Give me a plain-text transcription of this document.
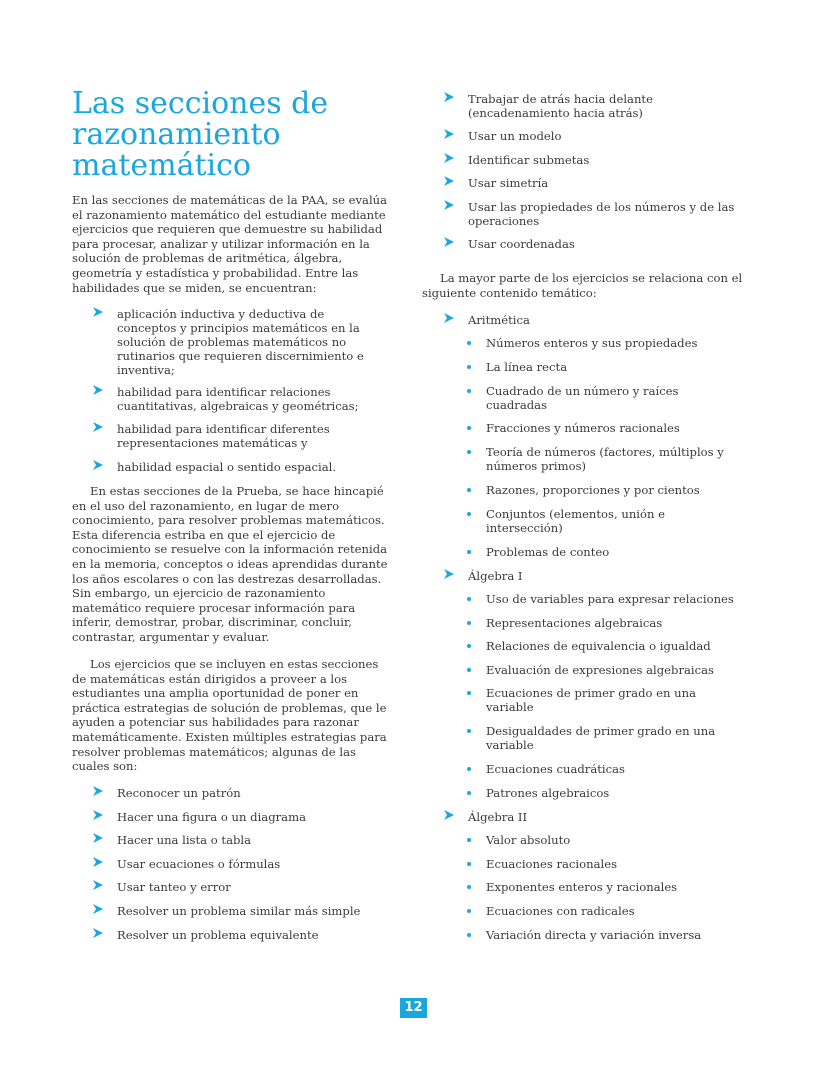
Las secciones de razonamiento matemático

En las secciones de matemáticas de la PAA, se evalúa el razonamiento matemático del estudiante mediante ejercicios que requieren que demuestre su habilidad para procesar, analizar y utilizar información en la solución de problemas de aritmética, álgebra, geometría y estadística y probabilidad. Entre las habilidades que se miden, se encuentran:

aplicación inductiva y deductiva de conceptos y principios matemáticos en la solución de problemas matemáticos no rutinarios que requieren discernimiento e inventiva;

habilidad para identificar relaciones cuantitativas, algebraicas y geométricas;

habilidad para identificar diferentes representaciones matemáticas y

habilidad espacial o sentido espacial.

En estas secciones de la Prueba, se hace hincapié en el uso del razonamiento, en lugar de mero conocimiento, para resolver problemas matemáticos. Esta diferencia estriba en que el ejercicio de conocimiento se resuelve con la información retenida en la memoria, conceptos o ideas aprendidas durante los años escolares o con las destrezas desarrolladas. Sin embargo, un ejercicio de razonamiento matemático requiere procesar información para inferir, demostrar, probar, discriminar, concluir, contrastar, argumentar y evaluar.

Los ejercicios que se incluyen en estas secciones de matemáticas están dirigidos a proveer a los estudiantes una amplia oportunidad de poner en práctica estrategias de solución de problemas, que le ayuden a potenciar sus habilidades para razonar matemáticamente. Existen múltiples estrategias para resolver problemas matemáticos; algunas de las cuales son:

Reconocer un patrón

Hacer una figura o un diagrama

Hacer una lista o tabla

Usar ecuaciones o fórmulas

Usar tanteo y error

Resolver un problema similar más simple

Resolver un problema equivalente

Trabajar de atrás hacia delante (encadenamiento hacia atrás)

Usar un modelo

Identificar submetas

Usar simetría

Usar las propiedades de los números y de las operaciones

Usar coordenadas

La mayor parte de los ejercicios se relaciona con el siguiente contenido temático:

Aritmética

Números enteros y sus propiedades

La línea recta

Cuadrado de un número y raíces cuadradas

Fracciones y números racionales

Teoría de números (factores, múltiplos y números primos)

Razones, proporciones y por cientos

Conjuntos (elementos, unión e intersección)

Problemas de conteo

Álgebra I

Uso de variables para expresar relaciones

Representaciones algebraicas

Relaciones de equivalencia o igualdad

Evaluación de expresiones algebraicas

Ecuaciones de primer grado en una variable

Desigualdades de primer grado en una variable

Ecuaciones cuadráticas

Patrones algebraicos

Álgebra II

Valor absoluto

Ecuaciones racionales

Exponentes enteros y racionales

Ecuaciones con radicales

Variación directa y variación inversa

12
